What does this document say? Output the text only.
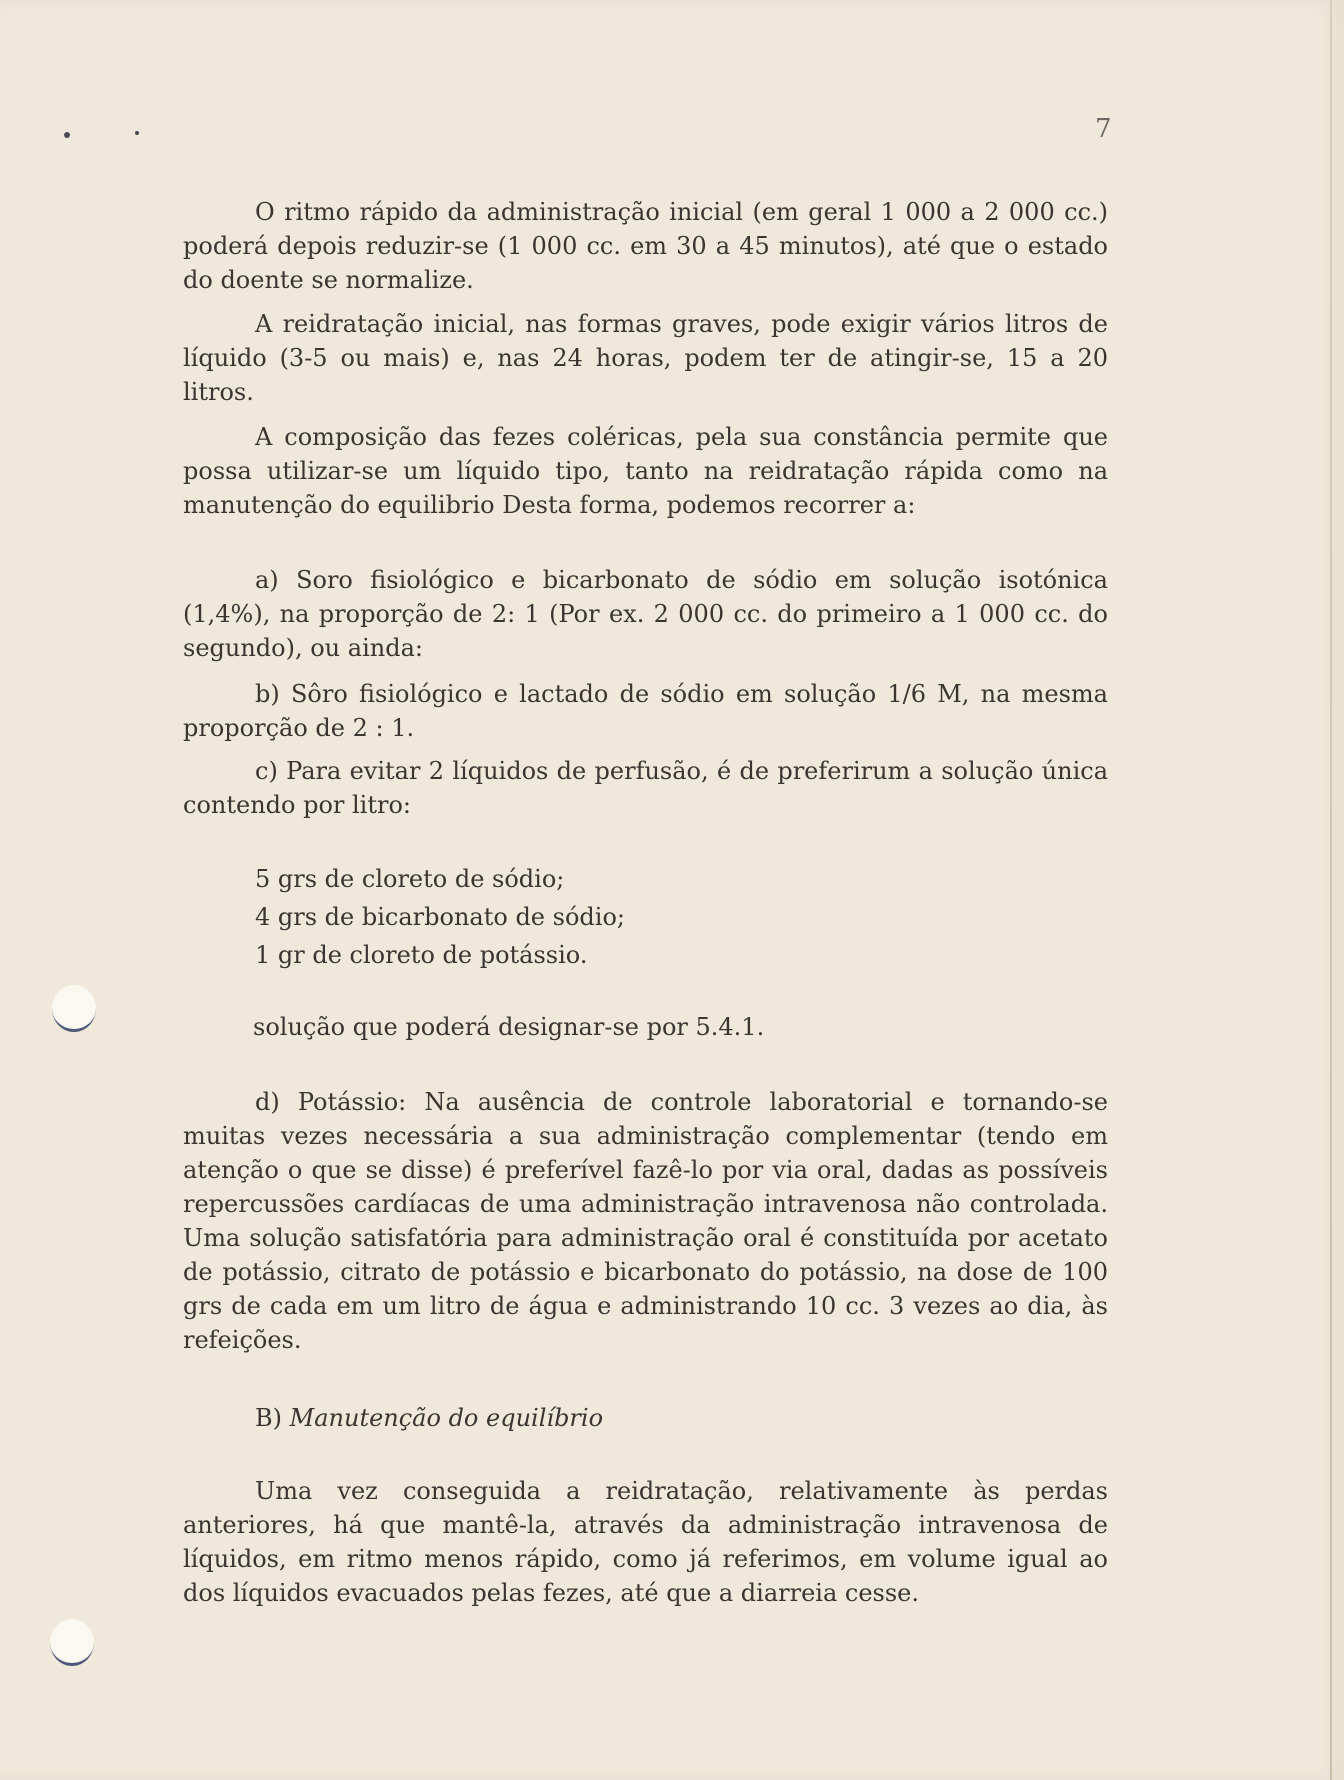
7

O ritmo rápido da administração inicial (em geral 1 000 a 2 000 cc.) poderá depois reduzir-se (1 000 cc. em 30 a 45 minutos), até que o estado do doente se normalize.

A reidratação inicial, nas formas graves, pode exigir vários litros de líquido (3-5 ou mais) e, nas 24 horas, podem ter de atingir-se, 15 a 20 litros.

A composição das fezes coléricas, pela sua constância permite que possa utilizar-se um líquido tipo, tanto na reidratação rápida como na manutenção do equilibrio Desta forma, podemos recorrer a:

a) Soro fisiológico e bicarbonato de sódio em solução isotónica (1,4%), na proporção de 2: 1 (Por ex. 2 000 cc. do primeiro a 1 000 cc. do segundo), ou ainda:

b) Sôro fisiológico e lactado de sódio em solução 1/6 M, na mesma proporção de 2 : 1.

c) Para evitar 2 líquidos de perfusão, é de preferirum a solução única contendo por litro:

5 grs de cloreto de sódio;
4 grs de bicarbonato de sódio;
1 gr de cloreto de potássio.
solução que poderá designar-se por 5.4.1.

d) Potássio: Na ausência de controle laboratorial e tornando-se muitas vezes necessária a sua administração complementar (tendo em atenção o que se disse) é preferível fazê-lo por via oral, dadas as possíveis repercussões cardíacas de uma administração intravenosa não controlada. Uma solução satisfatória para administração oral é constituída por acetato de potássio, citrato de potássio e bicarbonato do potássio, na dose de 100 grs de cada em um litro de água e administrando 10 cc. 3 vezes ao dia, às refeições.

B) Manutenção do equilíbrio

Uma vez conseguida a reidratação, relativamente às perdas anteriores, há que mantê-la, através da administração intravenosa de líquidos, em ritmo menos rápido, como já referimos, em volume igual ao dos líquidos evacuados pelas fezes, até que a diarreia cesse.
